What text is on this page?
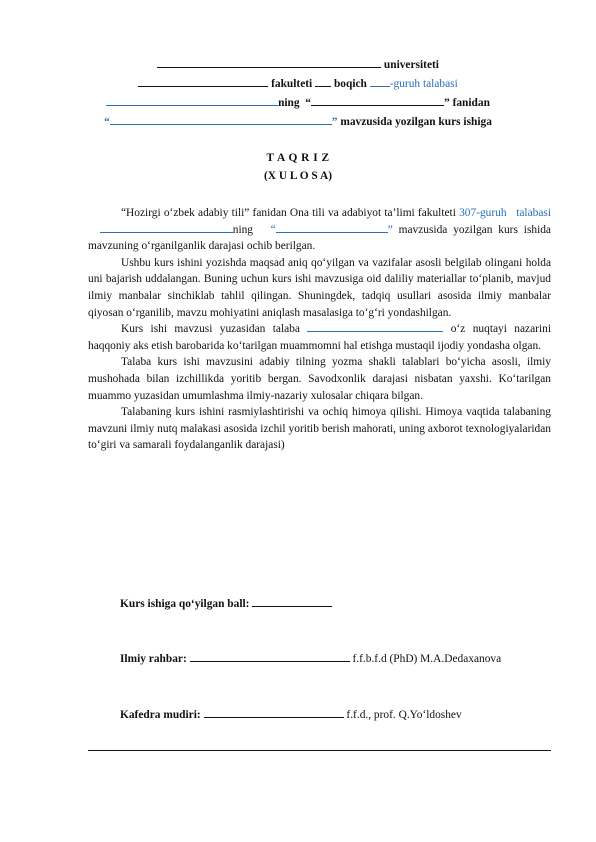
universiteti
fakulteti boqich -guruh talabasi
ning “	” fanidan
“	” mavzusida yozilgan kurs ishiga
T A Q R I Z
(X U L O S A)

“Hozirgi o‘zbek adabiy tili” fanidan Ona tili va adabiyot ta’limi fakulteti 307-guruh talabasi   ning “	” mavzusida yozilgan kurs ishida mavzuning o‘rganilganlik darajasi ochib berilgan.

Ushbu kurs ishini yozishda maqsad aniq qo‘yilgan va vazifalar asosli belgilab olingani holda uni bajarish uddalangan. Buning uchun kurs ishi mavzusiga oid daliliy materiallar to‘planib, mavjud ilmiy manbalar sinchiklab tahlil qilingan. Shuningdek, tadqiq usullari asosida ilmiy manbalar qiyosan o‘rganilib, mavzu mohiyatini aniqlash masalasiga to‘g‘ri yondashilgan.

Kurs ishi mavzusi yuzasidan talaba	o‘z nuqtayi nazarini haqqoniy aks etish barobarida ko‘tarilgan muammomni hal etishga mustaqil ijodiy yondasha olgan.

Talaba kurs ishi mavzusini adabiy tilning yozma shakli talablari bo‘yicha asosli, ilmiy mushohada bilan izchillikda yoritib bergan. Savodxonlik darajasi nisbatan yaxshi. Ko‘tarilgan muammo yuzasidan umumlashma ilmiy-nazariy xulosalar chiqara bilgan.

Talabaning kurs ishini rasmiylashtirishi va ochiq himoya qilishi. Himoya vaqtida talabaning mavzuni ilmiy nutq malakasi asosida izchil yoritib berish mahorati, uning axborot texnologiyalaridan to‘giri va samarali foydalanganlik darajasi)

Kurs ishiga qo‘yilgan ball:
Ilmiy rahbar:	f.f.b.f.d (PhD) M.A.Dedaxanova
Kafedra mudiri:	f.f.d., prof. Q.Yo‘ldoshev
